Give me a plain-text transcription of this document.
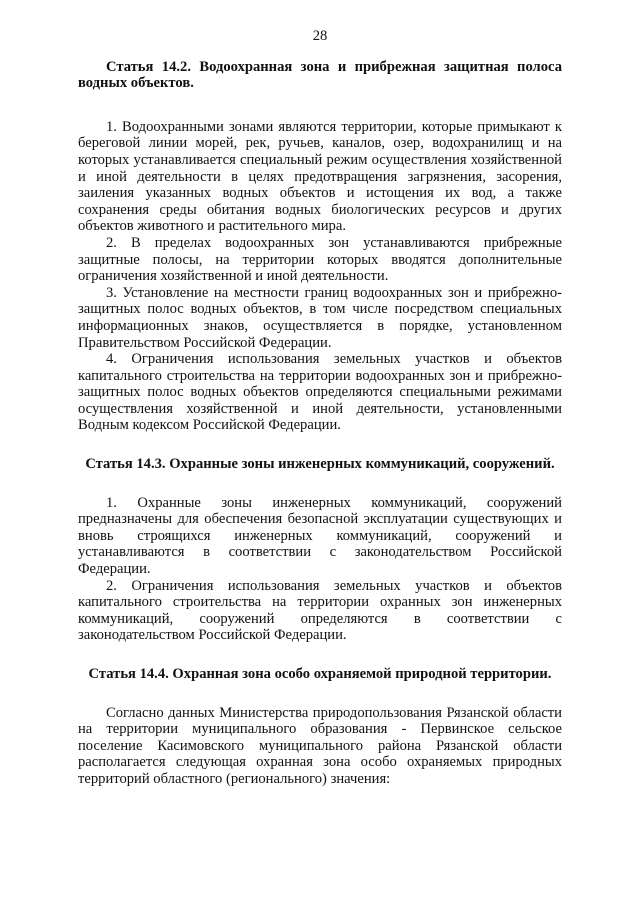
28

Статья 14.2. Водоохранная зона и прибрежная защитная полоса водных объектов.

1. Водоохранными зонами являются территории, которые примыкают к береговой линии морей, рек, ручьев, каналов, озер, водохранилищ и на которых устанавливается специальный режим осуществления хозяйственной и иной деятельности в целях предотвращения загрязнения, засорения, заиления указанных водных объектов и истощения их вод, а также сохранения среды обитания водных биологических ресурсов и других объектов животного и растительного мира.

2. В пределах водоохранных зон устанавливаются прибрежные защитные полосы, на территории которых вводятся дополнительные ограничения хозяйственной и иной деятельности.

3. Установление на местности границ водоохранных зон и прибрежно-защитных полос водных объектов, в том числе посредством специальных информационных знаков, осуществляется в порядке, установленном Правительством Российской Федерации.

4. Ограничения использования земельных участков и объектов капитального строительства на территории водоохранных зон и прибрежно-защитных полос водных объектов определяются специальными режимами осуществления хозяйственной и иной деятельности, установленными Водным кодексом Российской Федерации.

Статья 14.3. Охранные зоны инженерных коммуникаций, сооружений.

1. Охранные зоны инженерных коммуникаций, сооружений предназначены для обеспечения безопасной эксплуатации существующих и вновь строящихся инженерных коммуникаций, сооружений и устанавливаются в соответствии с законодательством Российской Федерации.

2. Ограничения использования земельных участков и объектов капитального строительства на территории охранных зон инженерных коммуникаций, сооружений определяются в соответствии с законодательством Российской Федерации.

Статья 14.4. Охранная зона особо охраняемой природной территории.

Согласно данных Министерства природопользования Рязанской области на территории муниципального образования - Первинское сельское поселение Касимовского муниципального района Рязанской области располагается следующая охранная зона особо охраняемых природных территорий областного (регионального) значения:
